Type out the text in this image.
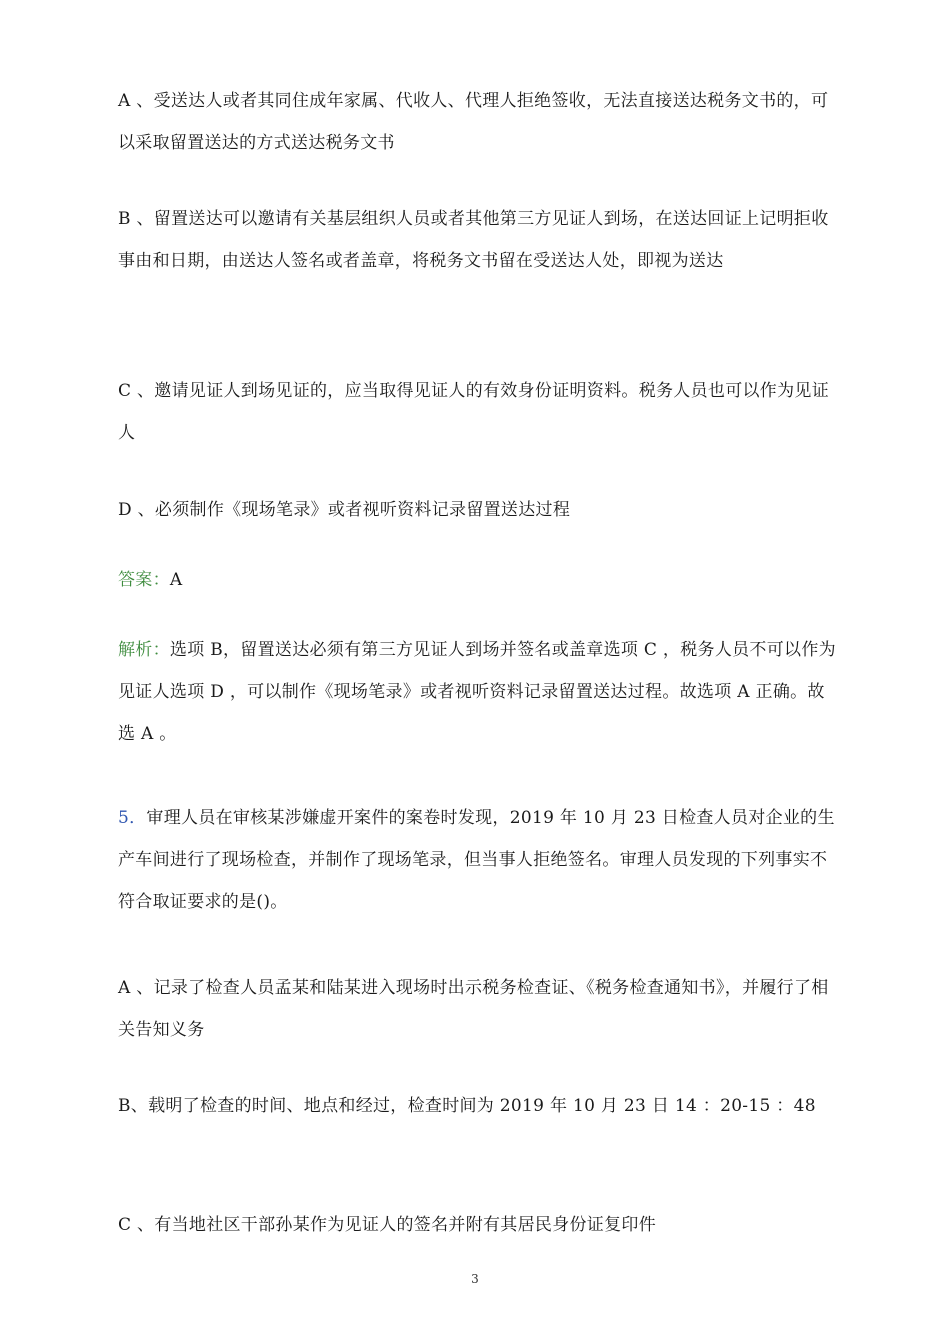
A 、受送达人或者其同住成年家属、代收人、代理人拒绝签收，无法直接送达税务文书的，可以采取留置送达的方式送达税务文书
B 、留置送达可以邀请有关基层组织人员或者其他第三方见证人到场，在送达回证上记明拒收事由和日期，由送达人签名或者盖章，将税务文书留在受送达人处，即视为送达
C 、邀请见证人到场见证的，应当取得见证人的有效身份证明资料。税务人员也可以作为见证人
D 、必须制作《现场笔录》或者视听资料记录留置送达过程
答案：A
解析：选项 B，留置送达必须有第三方见证人到场并签名或盖章选项 C ，税务人员不可以作为见证人选项 D ，可以制作《现场笔录》或者视听资料记录留置送达过程。故选项 A 正确。故选 A 。
5．审理人员在审核某涉嫌虚开案件的案卷时发现，2019 年 10 月 23 日检查人员对企业的生产车间进行了现场检查，并制作了现场笔录，但当事人拒绝签名。审理人员发现的下列事实不符合取证要求的是()。
A 、记录了检查人员孟某和陆某进入现场时出示税务检查证、《税务检查通知书》，并履行了相关告知义务
B、载明了检查的时间、地点和经过，检查时间为 2019 年 10 月 23 日 14 ：20-15 ：48
C 、有当地社区干部孙某作为见证人的签名并附有其居民身份证复印件
3
